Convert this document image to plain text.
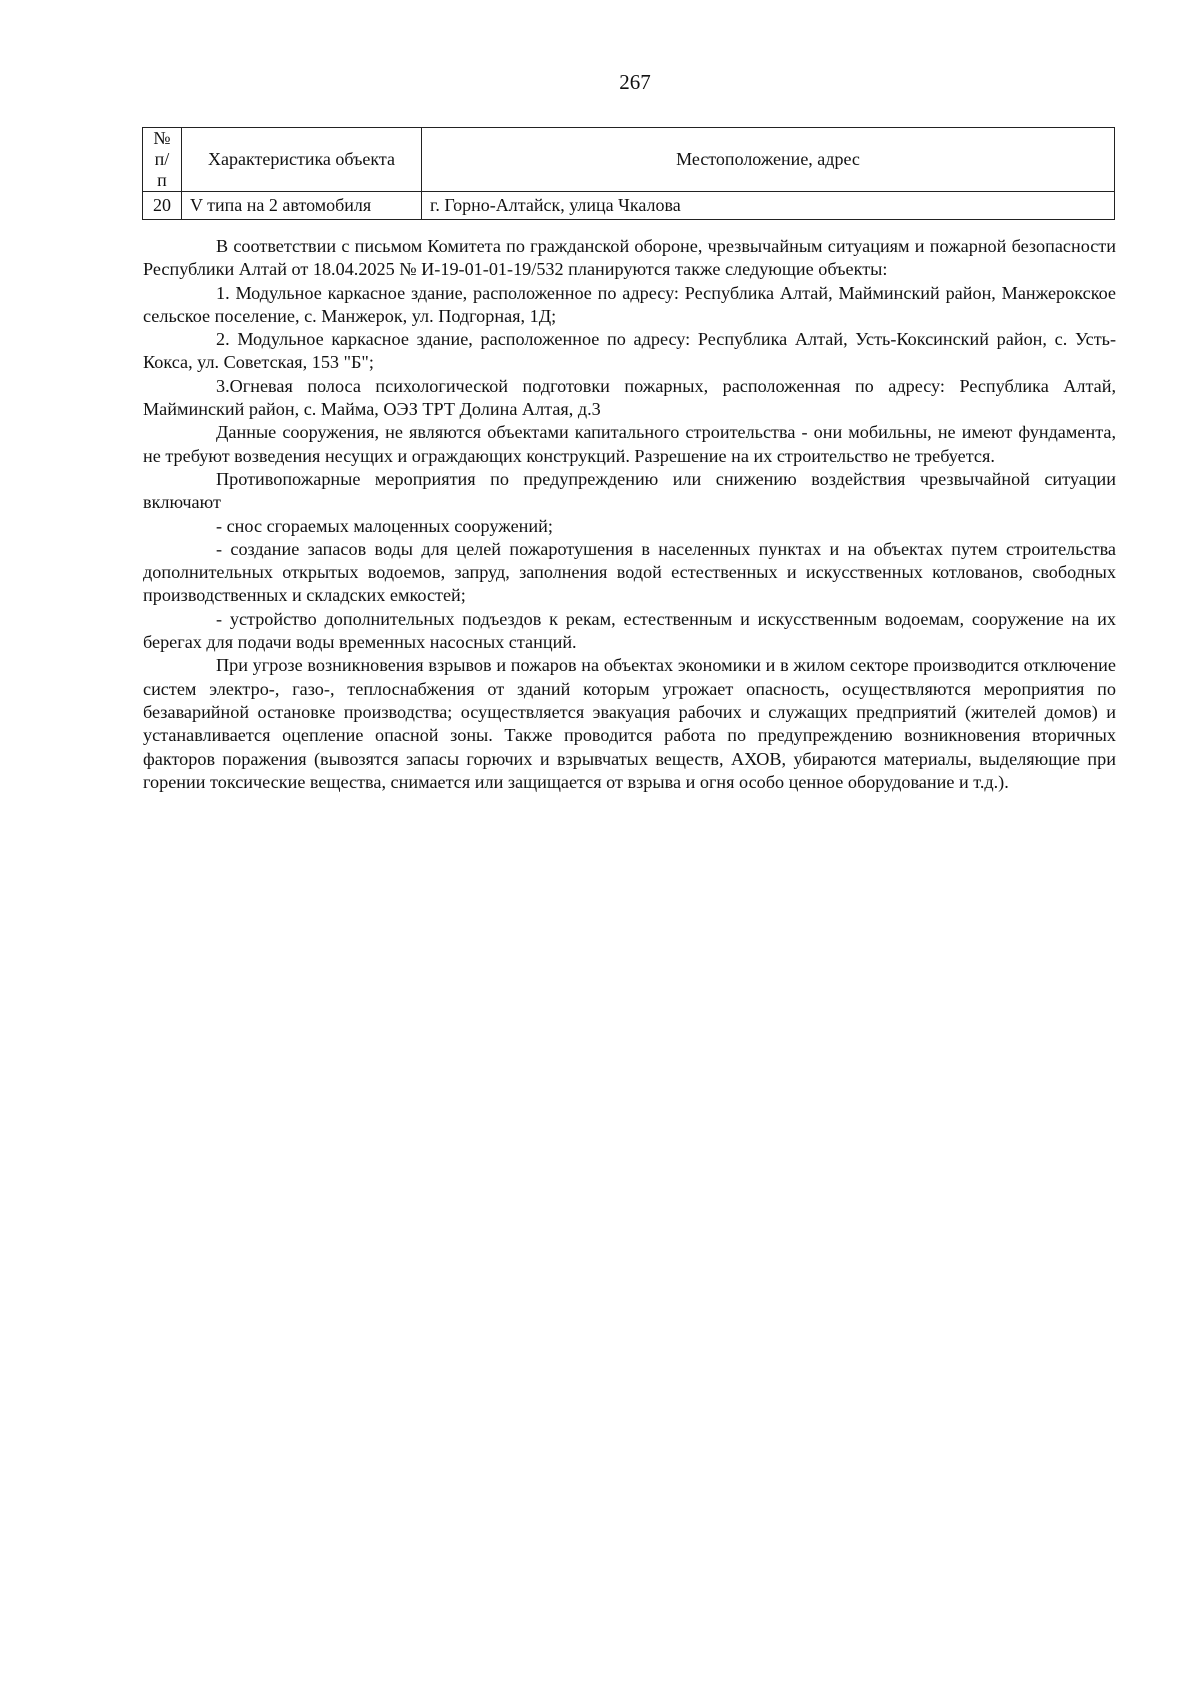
267
№ п/п	Характеристика объекта	Местоположение, адрес
20	V типа на 2 автомобиля	г. Горно-Алтайск, улица Чкалова

В соответствии с письмом Комитета по гражданской обороне, чрезвычайным ситуациям и пожарной безопасности Республики Алтай от 18.04.2025 № И-19-01-01-19/532 планируются также следующие объекты:

1. Модульное каркасное здание, расположенное по адресу: Республика Алтай, Майминский район, Манжерокское сельское поселение, с. Манжерок, ул. Подгорная, 1Д;

2. Модульное каркасное здание, расположенное по адресу: Республика Алтай, Усть-Коксинский район, с. Усть-Кокса, ул. Советская, 153 "Б";

3.Огневая полоса психологической подготовки пожарных, расположенная по адресу: Республика Алтай, Майминский район, с. Майма, ОЭЗ ТРТ Долина Алтая, д.3

Данные сооружения, не являются объектами капитального строительства - они мобильны, не имеют фундамента, не требуют возведения несущих и ограждающих конструкций. Разрешение на их строительство не требуется.

Противопожарные мероприятия по предупреждению или снижению воздействия чрезвычайной ситуации включают

- снос сгораемых малоценных сооружений;

- создание запасов воды для целей пожаротушения в населенных пунктах и на объектах путем строительства дополнительных открытых водоемов, запруд, заполнения водой естественных и искусственных котлованов, свободных производственных и складских емкостей;

- устройство дополнительных подъездов к рекам, естественным и искусственным водоемам, сооружение на их берегах для подачи воды временных насосных станций.

При угрозе возникновения взрывов и пожаров на объектах экономики и в жилом секторе производится отключение систем электро-, газо-, теплоснабжения от зданий которым угрожает опасность, осуществляются мероприятия по безаварийной остановке производства; осуществляется эвакуация рабочих и служащих предприятий (жителей домов) и устанавливается оцепление опасной зоны. Также проводится работа по предупреждению возникновения вторичных факторов поражения (вывозятся запасы горючих и взрывчатых веществ, АХОВ, убираются материалы, выделяющие при горении токсические вещества, снимается или защищается от взрыва и огня особо ценное оборудование и т.д.).
